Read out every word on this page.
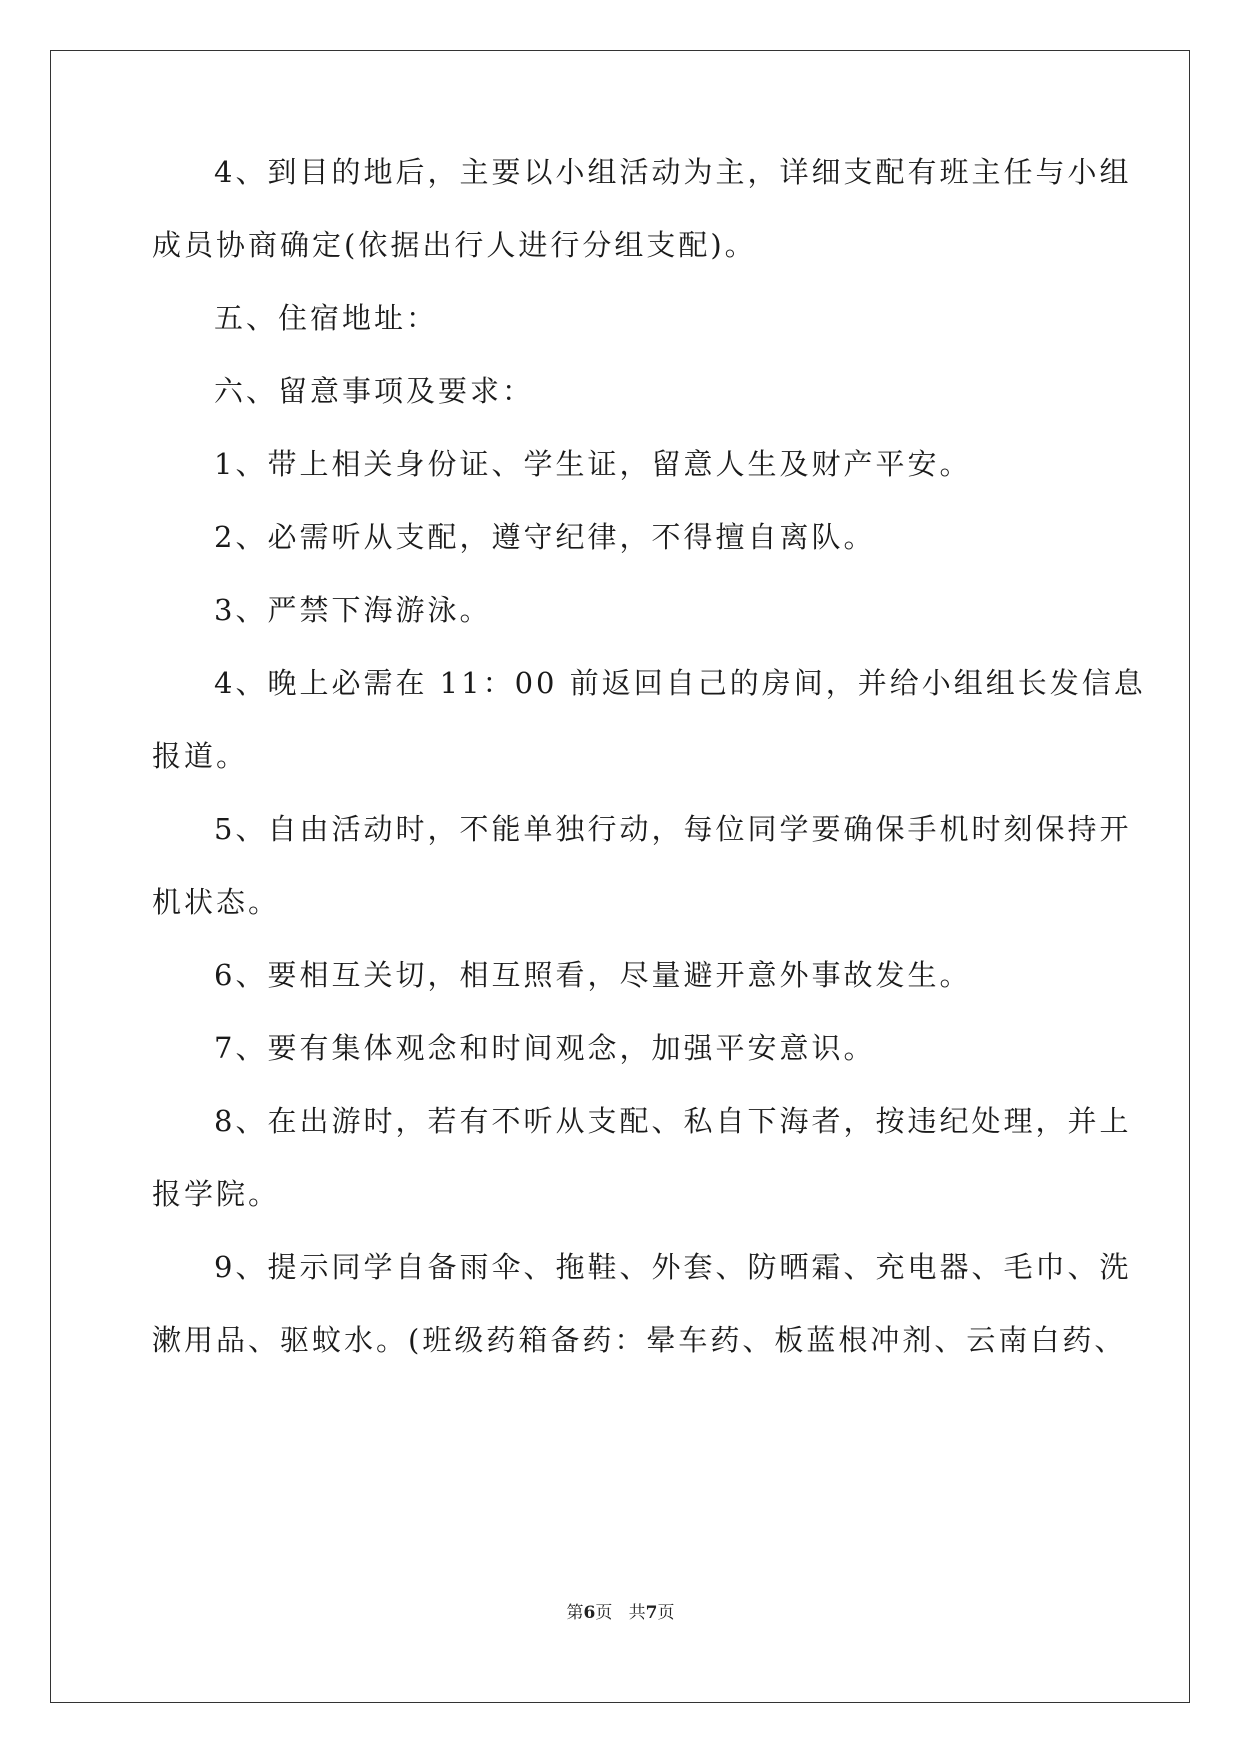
4、到目的地后，主要以小组活动为主，详细支配有班主任与小组
成员协商确定(依据出行人进行分组支配)。
五、住宿地址：
六、留意事项及要求：
1、带上相关身份证、学生证，留意人生及财产平安。
2、必需听从支配，遵守纪律，不得擅自离队。
3、严禁下海游泳。
4、晚上必需在 11：00 前返回自己的房间，并给小组组长发信息
报道。
5、自由活动时，不能单独行动，每位同学要确保手机时刻保持开
机状态。
6、要相互关切，相互照看，尽量避开意外事故发生。
7、要有集体观念和时间观念，加强平安意识。
8、在出游时，若有不听从支配、私自下海者，按违纪处理，并上
报学院。
9、提示同学自备雨伞、拖鞋、外套、防晒霜、充电器、毛巾、洗
漱用品、驱蚊水。(班级药箱备药：晕车药、板蓝根冲剂、云南白药、
第6页   共7页
